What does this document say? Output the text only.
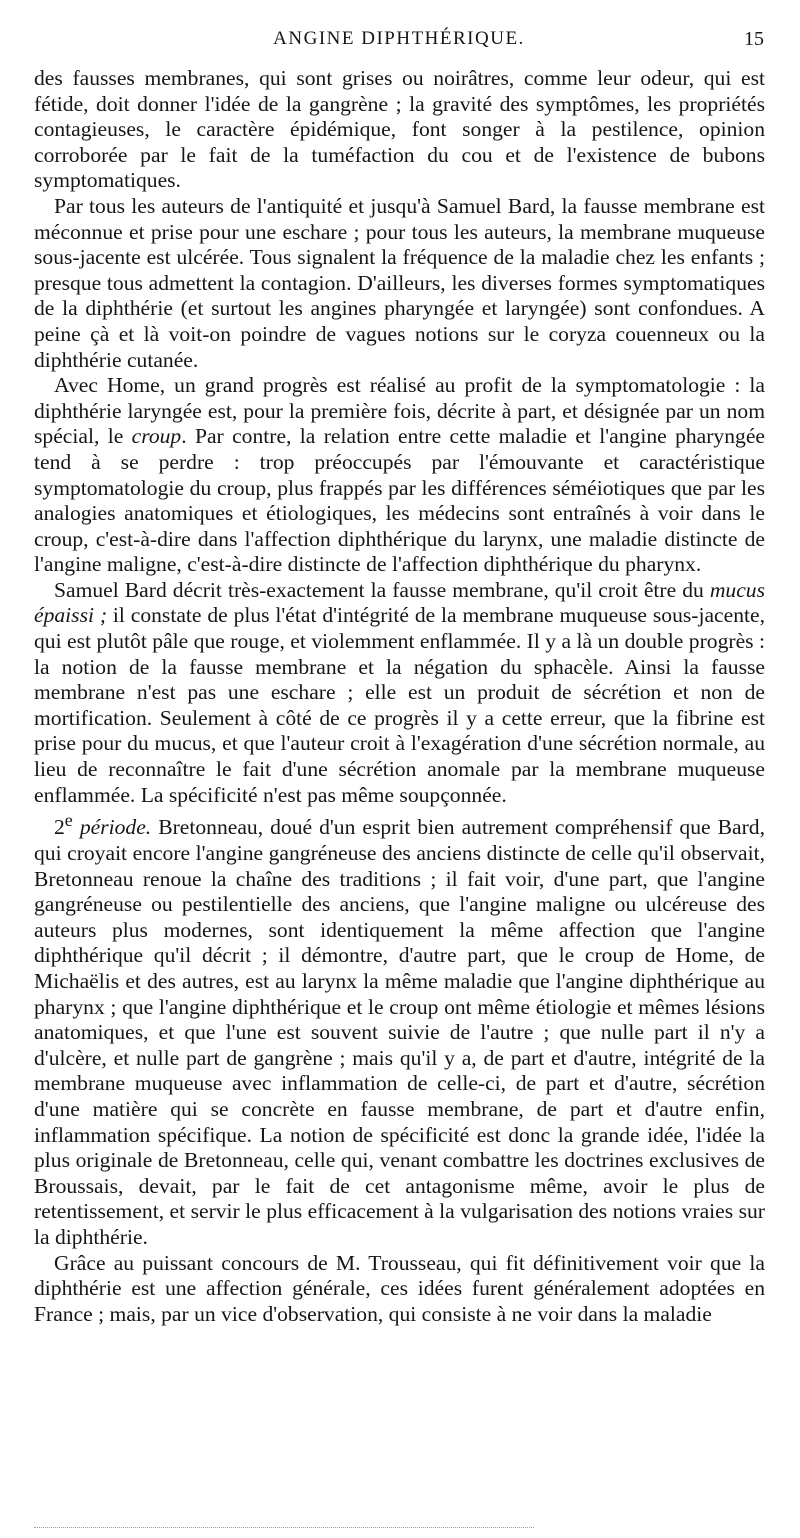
ANGINE DIPHTHÉRIQUE.	15

des fausses membranes, qui sont grises ou noirâtres, comme leur odeur, qui est fétide, doit donner l'idée de la gangrène ; la gravité des symptômes, les propriétés contagieuses, le caractère épidémique, font songer à la pestilence, opinion corroborée par le fait de la tuméfaction du cou et de l'existence de bubons symptomatiques.

Par tous les auteurs de l'antiquité et jusqu'à Samuel Bard, la fausse membrane est méconnue et prise pour une eschare ; pour tous les auteurs, la membrane muqueuse sous-jacente est ulcérée. Tous signalent la fréquence de la maladie chez les enfants ; presque tous admettent la contagion. D'ailleurs, les diverses formes symptomatiques de la diphthérie (et surtout les angines pharyngée et laryngée) sont confondues. A peine çà et là voit-on poindre de vagues notions sur le coryza couenneux ou la diphthérie cutanée.

Avec Home, un grand progrès est réalisé au profit de la symptomatologie : la diphthérie laryngée est, pour la première fois, décrite à part, et désignée par un nom spécial, le croup. Par contre, la relation entre cette maladie et l'angine pharyngée tend à se perdre : trop préoccupés par l'émouvante et caractéristique symptomatologie du croup, plus frappés par les différences séméiotiques que par les analogies anatomiques et étiologiques, les médecins sont entraînés à voir dans le croup, c'est-à-dire dans l'affection diphthérique du larynx, une maladie distincte de l'angine maligne, c'est-à-dire distincte de l'affection diphthérique du pharynx.

Samuel Bard décrit très-exactement la fausse membrane, qu'il croit être du mucus épaissi ; il constate de plus l'état d'intégrité de la membrane muqueuse sous-jacente, qui est plutôt pâle que rouge, et violemment enflammée. Il y a là un double progrès : la notion de la fausse membrane et la négation du sphacèle. Ainsi la fausse membrane n'est pas une eschare ; elle est un produit de sécrétion et non de mortification. Seulement à côté de ce progrès il y a cette erreur, que la fibrine est prise pour du mucus, et que l'auteur croit à l'exagération d'une sécrétion normale, au lieu de reconnaître le fait d'une sécrétion anomale par la membrane muqueuse enflammée. La spécificité n'est pas même soupçonnée.

2e période. Bretonneau, doué d'un esprit bien autrement compréhensif que Bard, qui croyait encore l'angine gangréneuse des anciens distincte de celle qu'il observait, Bretonneau renoue la chaîne des traditions ; il fait voir, d'une part, que l'angine gangréneuse ou pestilentielle des anciens, que l'angine maligne ou ulcéreuse des auteurs plus modernes, sont identiquement la même affection que l'angine diphthérique qu'il décrit ; il démontre, d'autre part, que le croup de Home, de Michaëlis et des autres, est au larynx la même maladie que l'angine diphthérique au pharynx ; que l'angine diphthérique et le croup ont même étiologie et mêmes lésions anatomiques, et que l'une est souvent suivie de l'autre ; que nulle part il n'y a d'ulcère, et nulle part de gangrène ; mais qu'il y a, de part et d'autre, intégrité de la membrane muqueuse avec inflammation de celle-ci, de part et d'autre, sécrétion d'une matière qui se concrète en fausse membrane, de part et d'autre enfin, inflammation spécifique. La notion de spécificité est donc la grande idée, l'idée la plus originale de Bretonneau, celle qui, venant combattre les doctrines exclusives de Broussais, devait, par le fait de cet antagonisme même, avoir le plus de retentissement, et servir le plus efficacement à la vulgarisation des notions vraies sur la diphthérie.

Grâce au puissant concours de M. Trousseau, qui fit définitivement voir que la diphthérie est une affection générale, ces idées furent généralement adoptées en France ; mais, par un vice d'observation, qui consiste à ne voir dans la maladie
